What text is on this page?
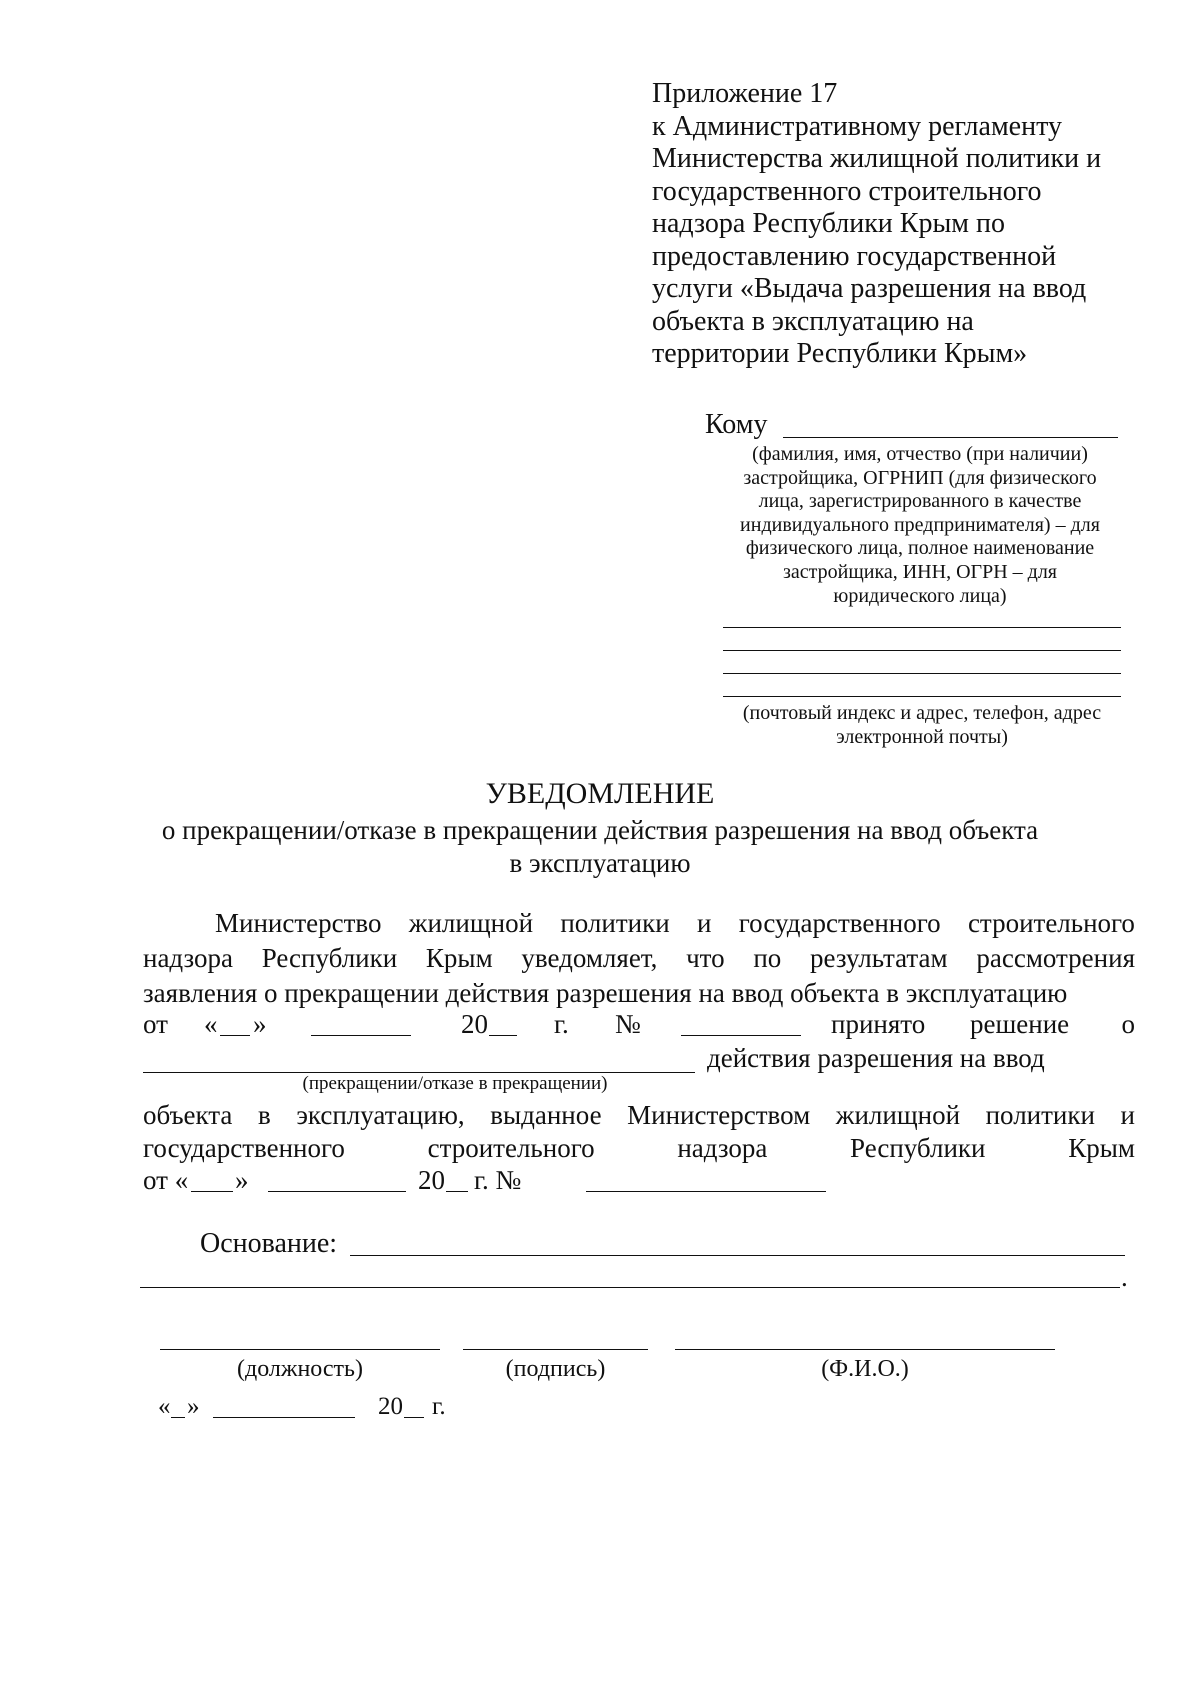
Приложение 17
к Административному регламенту
Министерства жилищной политики и
государственного строительного
надзора Республики Крым по
предоставлению государственной
услуги «Выдача разрешения на ввод
объекта в эксплуатацию на
территории Республики Крым»
Кому
(фамилия, имя, отчество (при наличии)
застройщика, ОГРНИП (для физического
лица, зарегистрированного в качестве
индивидуального предпринимателя) – для
физического лица, полное наименование
застройщика, ИНН, ОГРН – для
юридического лица)
(почтовый индекс и адрес, телефон, адрес
электронной почты)
УВЕДОМЛЕНИЕ
о прекращении/отказе в прекращении действия разрешения на ввод объекта
в эксплуатацию
Министерство жилищной политики и государственного строительного
надзора Республики Крым уведомляет, что по результатам рассмотрения
заявления о прекращении действия разрешения на ввод объекта в эксплуатацию
от « »	20 г. №	принято решение о
действия разрешения на ввод
(прекращении/отказе в прекращении)
объекта в эксплуатацию, выданное Министерством жилищной политики и
государственного	строительного	надзора	Республики	Крым
от « »	20 г. №
Основание:
.
(должность)	(подпись)	(Ф.И.О.)
« »	20 г.
